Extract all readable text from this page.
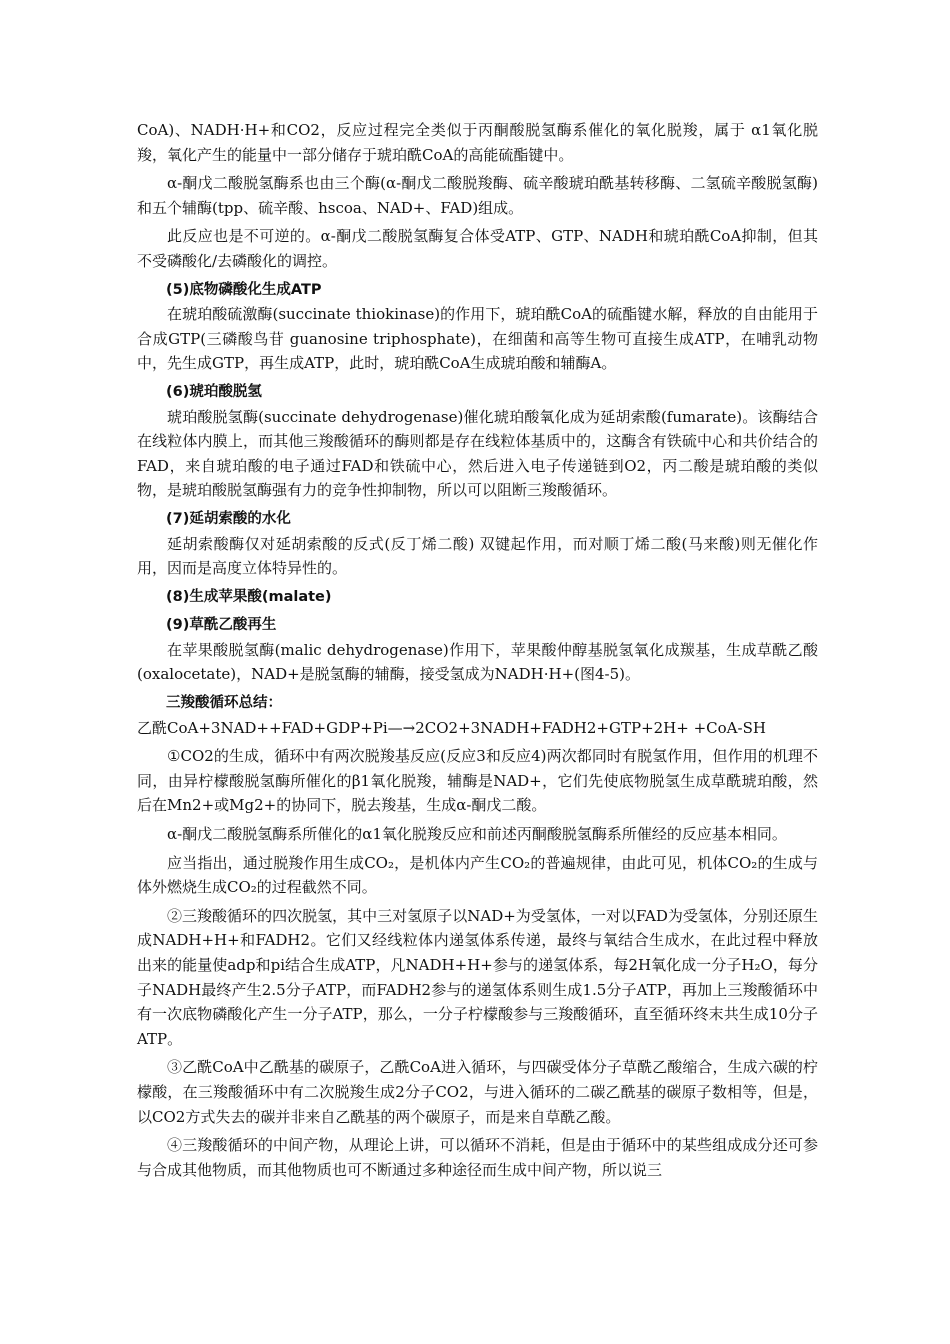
CoA)、NADH·H+和CO2，反应过程完全类似于丙酮酸脱氢酶系催化的氧化脱羧，属于 α1氧化脱羧，氧化产生的能量中一部分储存于琥珀酰CoA的高能硫酯键中。

α-酮戊二酸脱氢酶系也由三个酶(α-酮戊二酸脱羧酶、硫辛酸琥珀酰基转移酶、二氢硫辛酸脱氢酶)和五个辅酶(tpp、硫辛酸、hscoa、NAD+、FAD)组成。

此反应也是不可逆的。α-酮戊二酸脱氢酶复合体受ATP、GTP、NADH和琥珀酰CoA抑制，但其不受磷酸化/去磷酸化的调控。

(5)底物磷酸化生成ATP

在琥珀酸硫激酶(succinate thiokinase)的作用下，琥珀酰CoA的硫酯键水解，释放的自由能用于合成GTP(三磷酸鸟苷 guanosine triphosphate)，在细菌和高等生物可直接生成ATP，在哺乳动物中，先生成GTP，再生成ATP，此时，琥珀酰CoA生成琥珀酸和辅酶A。

(6)琥珀酸脱氢

琥珀酸脱氢酶(succinate dehydrogenase)催化琥珀酸氧化成为延胡索酸(fumarate)。该酶结合在线粒体内膜上，而其他三羧酸循环的酶则都是存在线粒体基质中的，这酶含有铁硫中心和共价结合的FAD，来自琥珀酸的电子通过FAD和铁硫中心，然后进入电子传递链到O2，丙二酸是琥珀酸的类似物，是琥珀酸脱氢酶强有力的竞争性抑制物，所以可以阻断三羧酸循环。

(7)延胡索酸的水化

延胡索酸酶仅对延胡索酸的反式(反丁烯二酸) 双键起作用，而对顺丁烯二酸(马来酸)则无催化作用，因而是高度立体特异性的。

(8)生成苹果酸(malate)

(9)草酰乙酸再生

在苹果酸脱氢酶(malic dehydrogenase)作用下，苹果酸仲醇基脱氢氧化成羰基，生成草酰乙酸(oxalocetate)，NAD+是脱氢酶的辅酶，接受氢成为NADH·H+(图4-5)。

三羧酸循环总结：

乙酰CoA+3NAD++FAD+GDP+Pi—→2CO2+3NADH+FADH2+GTP+2H+ +CoA-SH

①CO2的生成，循环中有两次脱羧基反应(反应3和反应4)两次都同时有脱氢作用，但作用的机理不同，由异柠檬酸脱氢酶所催化的β1氧化脱羧，辅酶是NAD+，它们先使底物脱氢生成草酰琥珀酸，然后在Mn2+或Mg2+的协同下，脱去羧基，生成α-酮戊二酸。

α-酮戊二酸脱氢酶系所催化的α1氧化脱羧反应和前述丙酮酸脱氢酶系所催经的反应基本相同。

应当指出，通过脱羧作用生成CO₂，是机体内产生CO₂的普遍规律，由此可见，机体CO₂的生成与体外燃烧生成CO₂的过程截然不同。

②三羧酸循环的四次脱氢，其中三对氢原子以NAD+为受氢体，一对以FAD为受氢体，分别还原生成NADH+H+和FADH2。它们又经线粒体内递氢体系传递，最终与氧结合生成水，在此过程中释放出来的能量使adp和pi结合生成ATP，凡NADH+H+参与的递氢体系，每2H氧化成一分子H₂O，每分子NADH最终产生2.5分子ATP，而FADH2参与的递氢体系则生成1.5分子ATP，再加上三羧酸循环中有一次底物磷酸化产生一分子ATP，那么，一分子柠檬酸参与三羧酸循环，直至循环终末共生成10分子ATP。

③乙酰CoA中乙酰基的碳原子，乙酰CoA进入循环，与四碳受体分子草酰乙酸缩合，生成六碳的柠檬酸，在三羧酸循环中有二次脱羧生成2分子CO2，与进入循环的二碳乙酰基的碳原子数相等，但是，以CO2方式失去的碳并非来自乙酰基的两个碳原子，而是来自草酰乙酸。

④三羧酸循环的中间产物，从理论上讲，可以循环不消耗，但是由于循环中的某些组成成分还可参与合成其他物质，而其他物质也可不断通过多种途径而生成中间产物，所以说三
